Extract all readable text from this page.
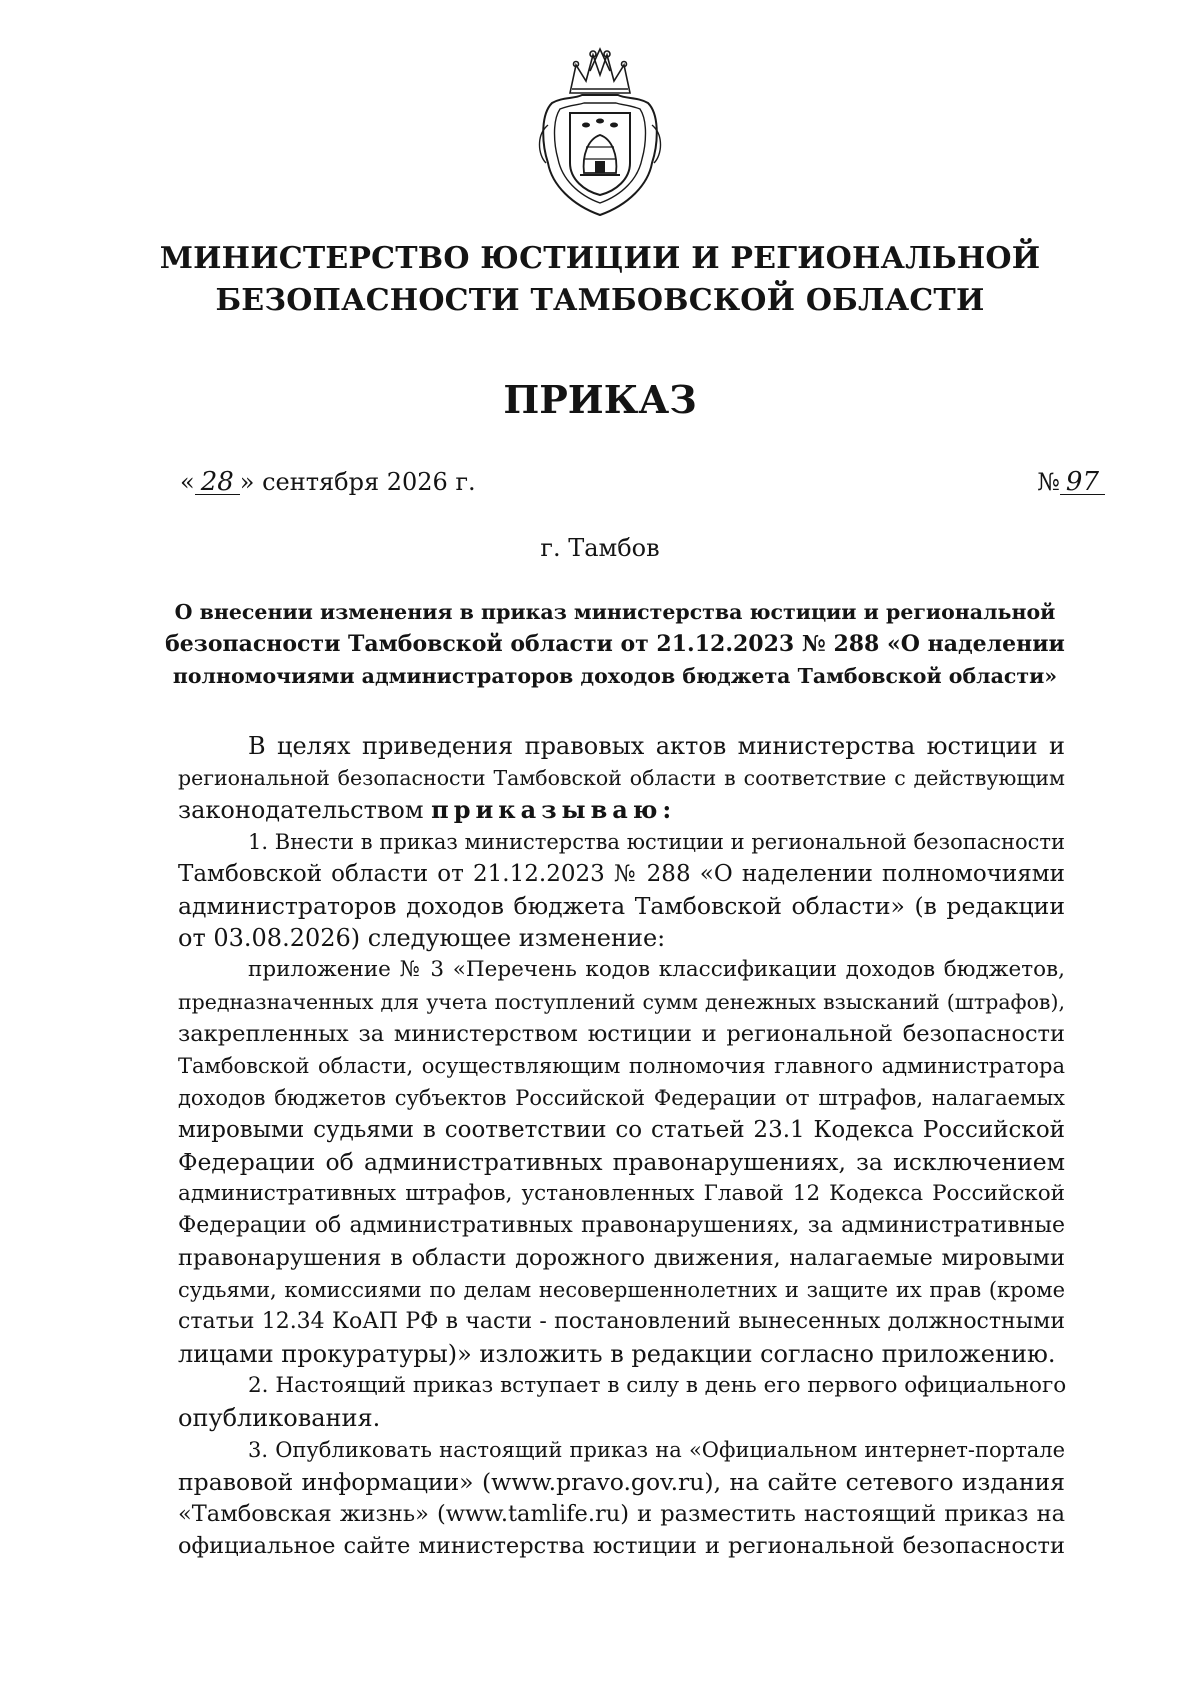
МИНИСТЕРСТВО ЮСТИЦИИ И РЕГИОНАЛЬНОЙ
БЕЗОПАСНОСТИ ТАМБОВСКОЙ ОБЛАСТИ
ПРИКАЗ
« 28 » сентября 2026 г.	№ 97
г. Тамбов
О внесении изменения в приказ министерства юстиции и региональной
безопасности Тамбовской области от 21.12.2023 № 288 «О наделении
полномочиями администраторов доходов бюджета Тамбовской области»
В целях приведения правовых актов министерства юстиции и
региональной безопасности Тамбовской области в соответствие с действующим
законодательством приказываю:
1. Внести в приказ министерства юстиции и региональной безопасности
Тамбовской области от 21.12.2023 № 288 «О наделении полномочиями
администраторов доходов бюджета Тамбовской области» (в редакции
от 03.08.2026) следующее изменение:
приложение № 3 «Перечень кодов классификации доходов бюджетов,
предназначенных для учета поступлений сумм денежных взысканий (штрафов),
закрепленных за министерством юстиции и региональной безопасности
Тамбовской области, осуществляющим полномочия главного администратора
доходов бюджетов субъектов Российской Федерации от штрафов, налагаемых
мировыми судьями в соответствии со статьей 23.1 Кодекса Российской
Федерации об административных правонарушениях, за исключением
административных штрафов, установленных Главой 12 Кодекса Российской
Федерации об административных правонарушениях, за административные
правонарушения в области дорожного движения, налагаемые мировыми
судьями, комиссиями по делам несовершеннолетних и защите их прав (кроме
статьи 12.34 КоАП РФ в части - постановлений вынесенных должностными
лицами прокуратуры)» изложить в редакции согласно приложению.
2. Настоящий приказ вступает в силу в день его первого официального
опубликования.
3. Опубликовать настоящий приказ на «Официальном интернет-портале
правовой информации» (www.pravo.gov.ru), на сайте сетевого издания
«Тамбовская жизнь» (www.tamlife.ru) и разместить настоящий приказ на
официальное сайте министерства юстиции и региональной безопасности
